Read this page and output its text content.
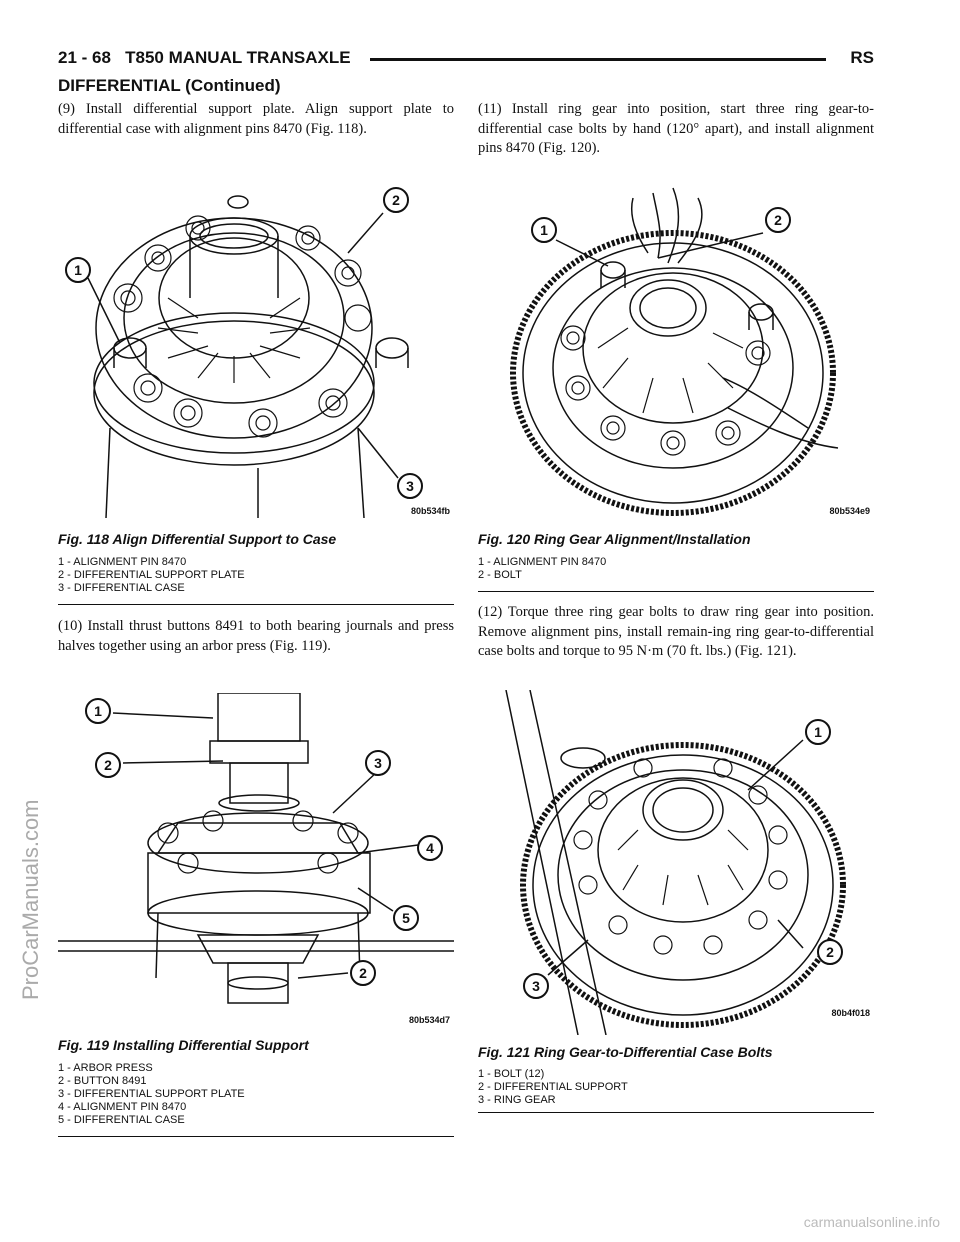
21 - 68 T850 MANUAL TRANSAXLE	RS
DIFFERENTIAL (Continued)
(9) Install differential support plate. Align support plate to differential case with alignment pins 8470 (Fig. 118).
1
2
3
80b534fb
Fig. 118 Align Differential Support to Case
1 - ALIGNMENT PIN 8470
2 - DIFFERENTIAL SUPPORT PLATE
3 - DIFFERENTIAL CASE
(10) Install thrust buttons 8491 to both bearing journals and press halves together using an arbor press (Fig. 119).
1
2	3
4
5
2
80b534d7
Fig. 119 Installing Differential Support
1 - ARBOR PRESS
2 - BUTTON 8491
3 - DIFFERENTIAL SUPPORT PLATE
4 - ALIGNMENT PIN 8470
5 - DIFFERENTIAL CASE
(11) Install ring gear into position, start three ring gear-to-differential case bolts by hand (120° apart), and install alignment pins 8470 (Fig. 120).
1
2
80b534e9
Fig. 120 Ring Gear Alignment/Installation
1 - ALIGNMENT PIN 8470
2 - BOLT
(12) Torque three ring gear bolts to draw ring gear into position. Remove alignment pins, install remain-ing ring gear-to-differential case bolts and torque to 95 N·m (70 ft. lbs.) (Fig. 121).
1
2
3
80b4f018
Fig. 121 Ring Gear-to-Differential Case Bolts
1 - BOLT (12)
2 - DIFFERENTIAL SUPPORT
3 - RING GEAR
ProCarManuals.com
carmanualsonline.info
